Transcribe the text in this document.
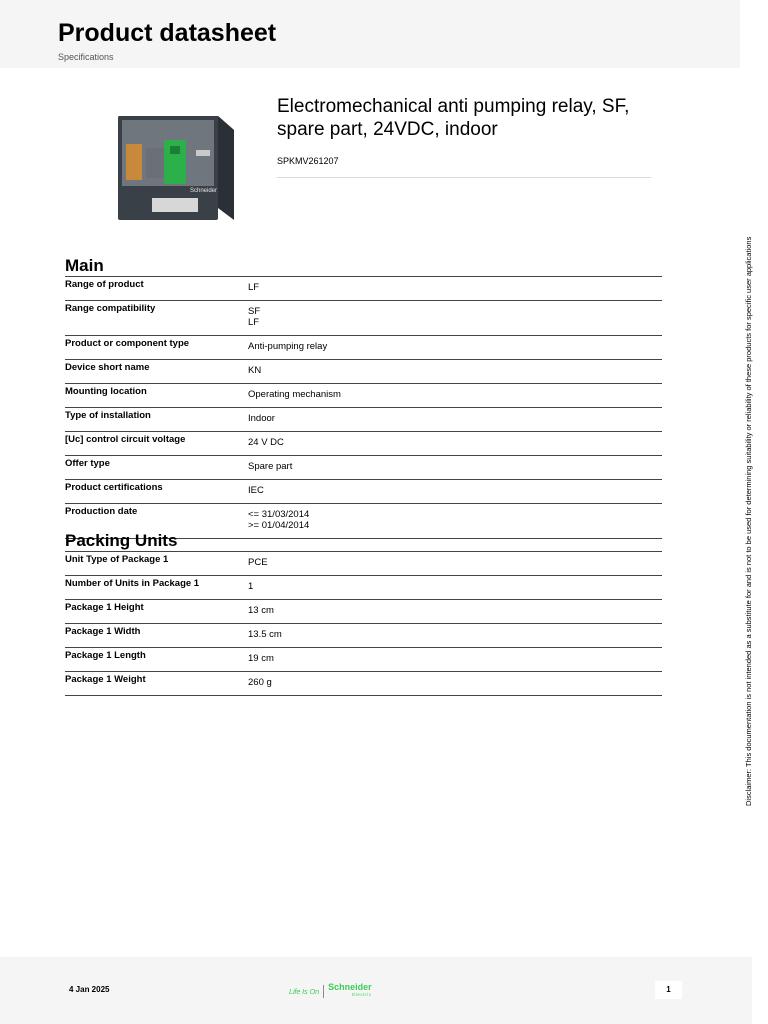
Product datasheet
Specifications
Schneider
Electromechanical anti pumping relay, SF, spare part, 24VDC, indoor
SPKMV261207
Main
Range of product	LF

Range compatibility	SF
LF

Product or component type	Anti-pumping relay

Device short name	KN

Mounting location	Operating mechanism

Type of installation	Indoor

[Uc] control circuit voltage	24 V DC

Offer type	Spare part

Product certifications	IEC

Production date	<= 31/03/2014
>= 01/04/2014
Packing Units
Unit Type of Package 1	PCE

Number of Units in Package 1	1

Package 1 Height	13 cm

Package 1 Width	13.5 cm

Package 1 Length	19 cm

Package 1 Weight	260 g	Disclaimer: This documentation is not intended as a substitute for and is not to be used for determining suitability or reliability of these products for specific user applications
4 Jan 2025	Life Is On Schneider
Electric
1
